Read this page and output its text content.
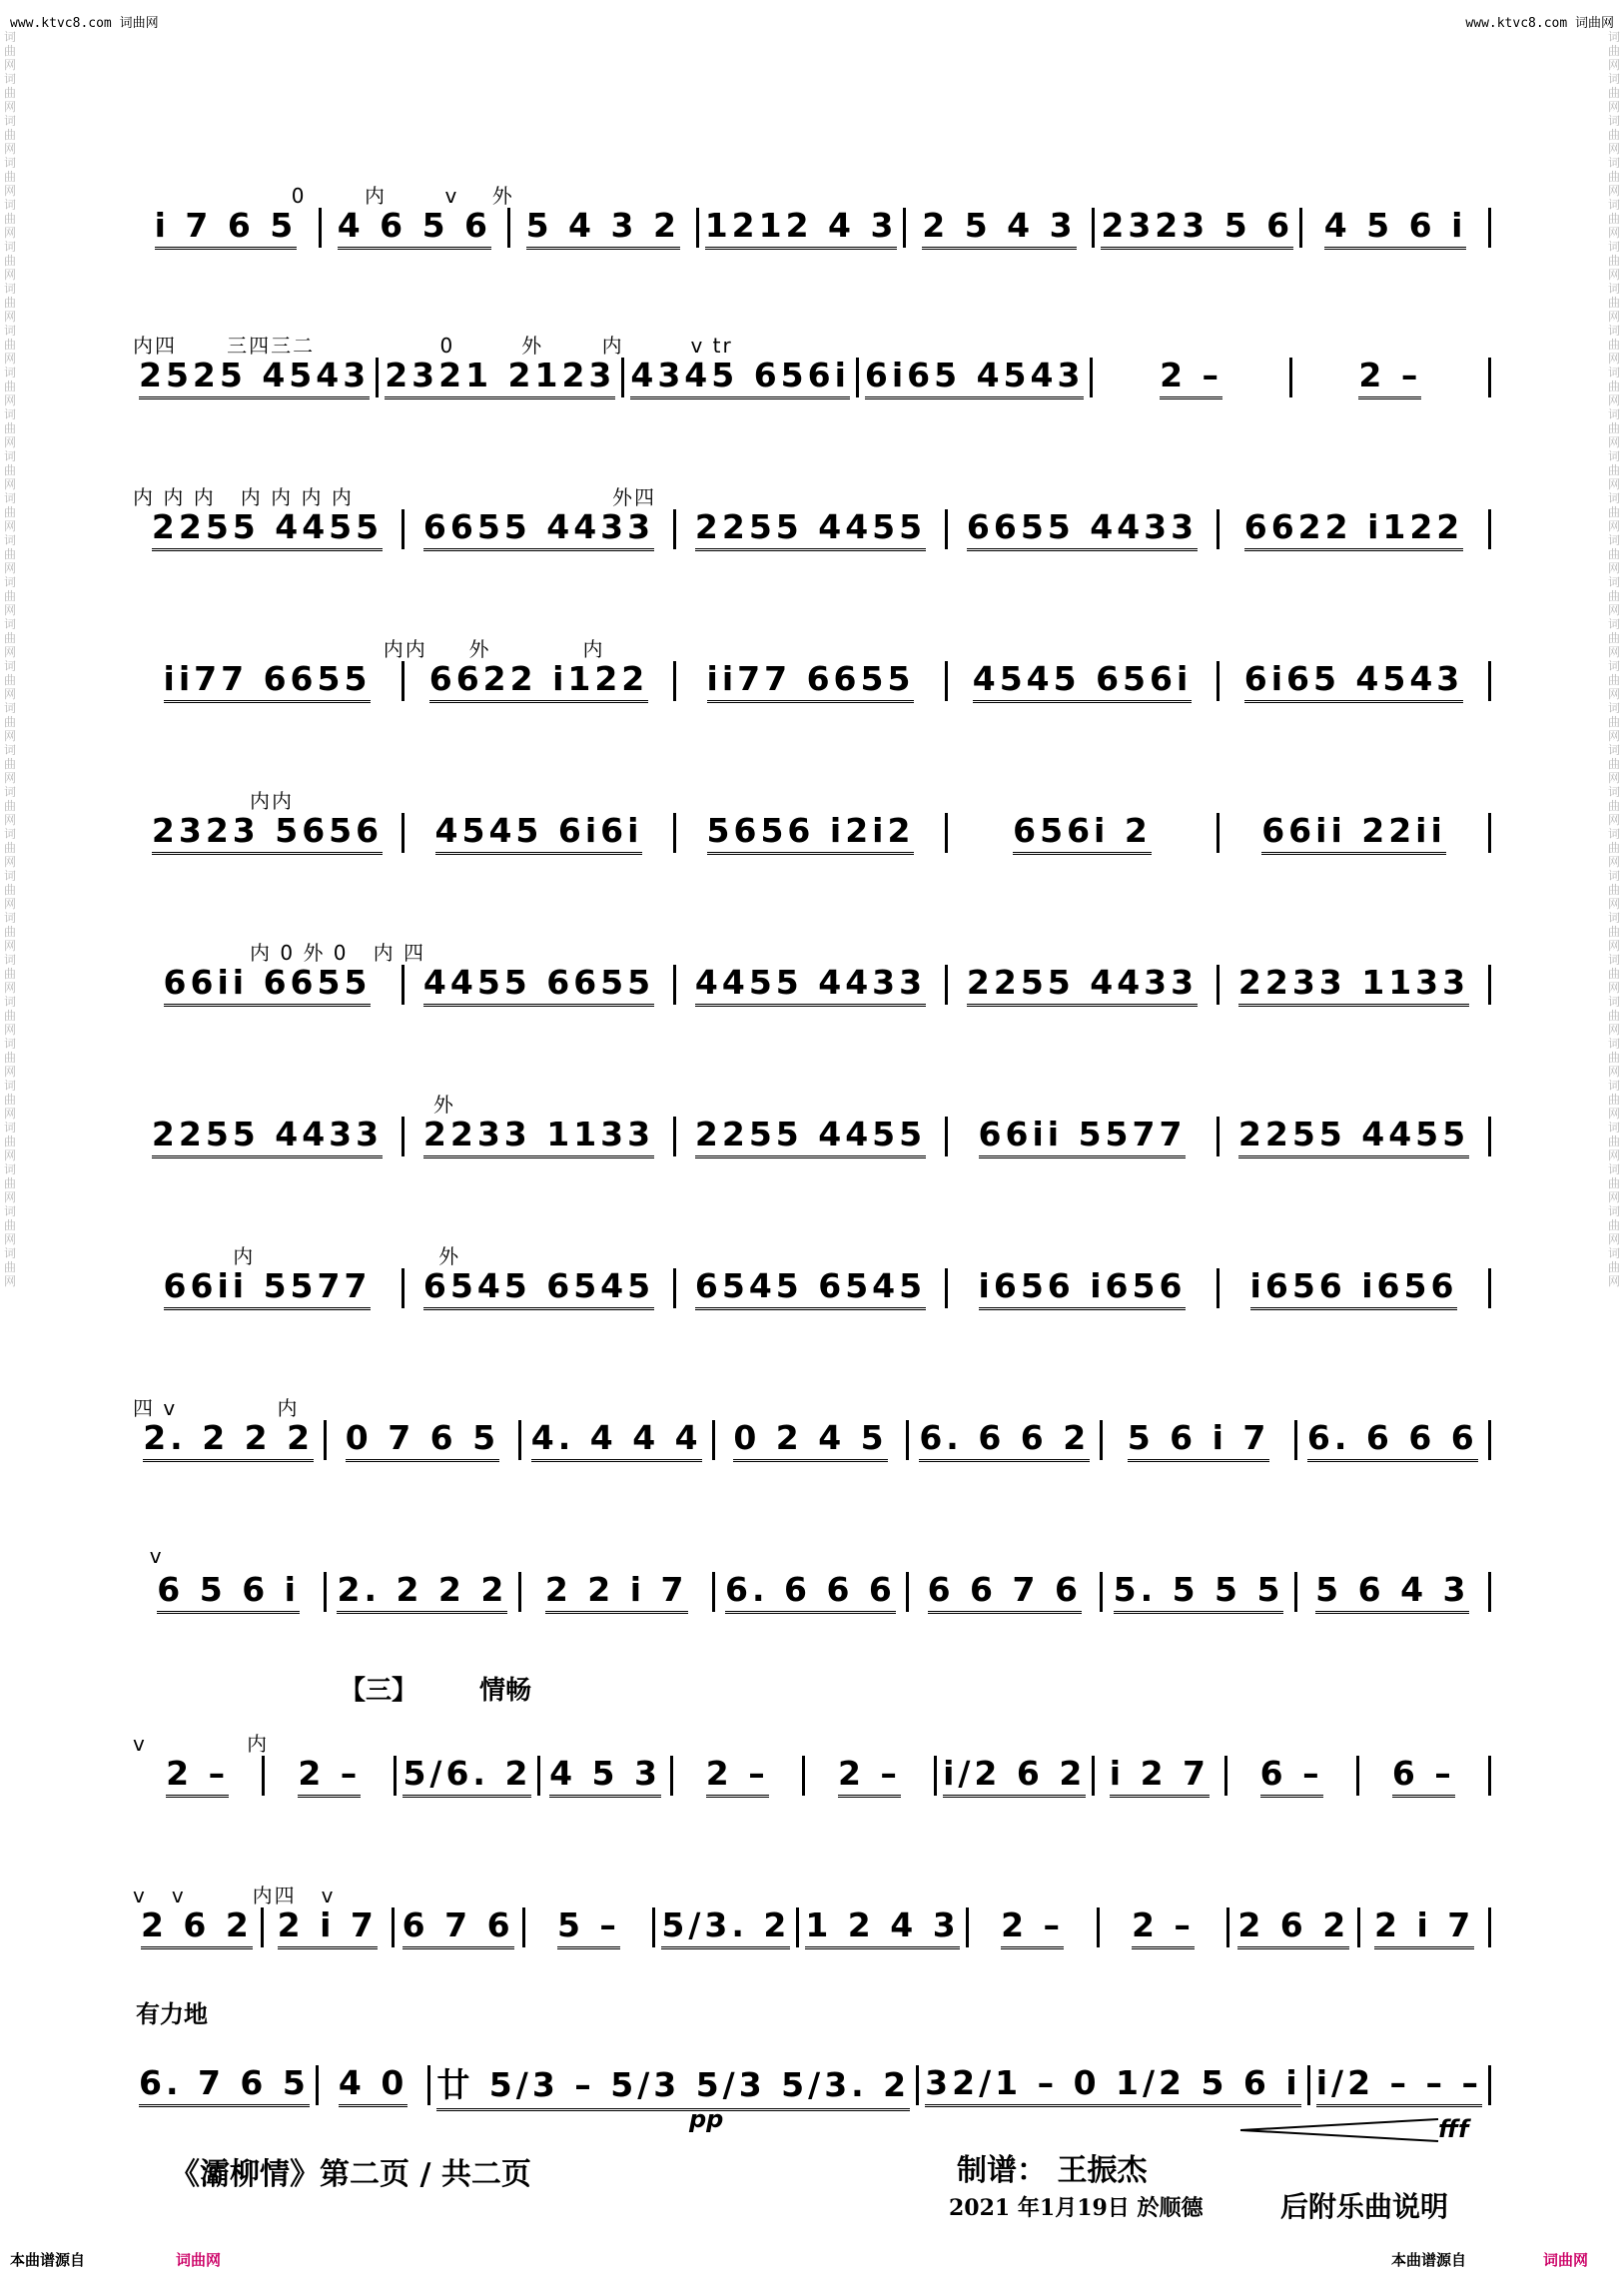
www.ktvc8.com 词曲网	www.ktvc8.com 词曲网
词曲网词曲网词曲网词曲网词曲网词曲网词曲网词曲网词曲网词曲网词曲网词曲网词曲网词曲网词曲网词曲网词曲网词曲网词曲网词曲网词曲网词曲网词曲网词曲网词曲网词曲网词曲网词曲网词曲网词曲网
词曲网词曲网词曲网词曲网词曲网词曲网词曲网词曲网词曲网词曲网词曲网词曲网词曲网词曲网词曲网词曲网词曲网词曲网词曲网词曲网词曲网词曲网词曲网词曲网词曲网词曲网词曲网词曲网词曲网词曲网
0       内       ⅴ    外

i 7 6 5 4 6 5 6 5 4 3 2 1212 4 3 2 5 4 3 2323 5 6 4 5 6 i
内四      三四三二               0        外       内        ⅴ tr
2525 4543 2321 2123 4345 656i 6i65 4543 2 –	2 –
内 内 内   内 内 内 内                               外四
2255 4455 6655 4433 2255 4455 6655 4433 6622 i122
内内     外           内
ii77 6655 6622 i122 ii77 6655 4545 656i 6i65 4543
内内
2323 5656 4545 6i6i 5656 i2i2	656i 2	66ii 22ii
内 0 外 0   内 四
66ii 6655 4455 6655 4455 4433 2255 4433 2233 1133
外
2255 4433 2233 1133 2255 4455 66ii 5577 2255 4455
内                      外
66ii 5577 6545 6545 6545 6545 i656 i656 i656 i656
四 ⅴ            内
2. 2 2 2 0 7 6 5 4. 4 4 4 0 2 4 5 6. 6 6 2 5 6 i 7 6. 6 6 6
ⅴ
6 5 6 i 2. 2 2 2 2 2 i 7 6. 6 6 6 6 6 7 6 5. 5 5 5 5 6 4 3
ⅴ            内
2 – 2 – 5/6. 2 4 5 3 2 – 2 – i/2 6 2 i 2 7 6 – 6 –
ⅴ   ⅴ        内四   ⅴ
2 6 2 2 i 7 6 7 6 5 – 5/3. 2 1 2 4 3 2 – 2 – 2 6 2 2 i 7
6. 7 6 5 4 0 廿 5/3 – 5/3 5/3 5/3. 2 32/1 – 0 1/2 5 6 i i/2 – – –
【三】 情畅
有力地
pp	fff
《灞柳情》第二页 / 共二页	制谱： 王振杰
2021 年1月19日 於顺德	后附乐曲说明
本曲谱源自	词曲网	本曲谱源自	词曲网
